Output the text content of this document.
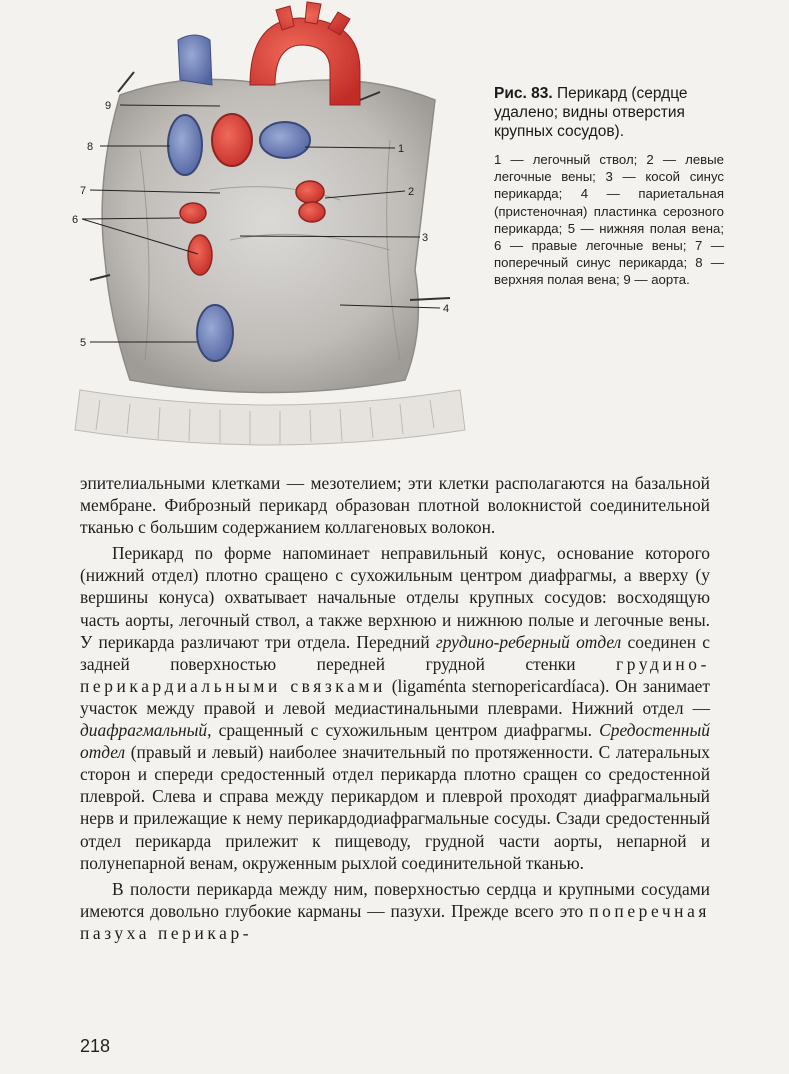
9
8
7
6
5
1
2
3
4

Рис. 83. Перикард (сердце удалено; видны отверстия крупных сосудов).

1 — легочный ствол; 2 — левые легочные вены; 3 — косой синус перикарда; 4 — париетальная (пристеночная) пластинка серозного перикарда; 5 — нижняя полая вена; 6 — правые легочные вены; 7 — поперечный синус перикарда; 8 — верхняя полая вена; 9 — аорта.

эпителиальными клетками — мезотелием; эти клетки располагаются на базальной мембране. Фиброзный перикард образован плотной волокнистой соединительной тканью с большим содержанием коллагеновых волокон.

Перикард по форме напоминает неправильный конус, основание которого (нижний отдел) плотно сращено с сухожильным центром диафрагмы, а вверху (у вершины конуса) охватывает начальные отделы крупных сосудов: восходящую часть аорты, легочный ствол, а также верхнюю и нижнюю полые и легочные вены. У перикарда различают три отдела. Передний грудино-реберный отдел соединен с задней поверхностью передней грудной стенки грудино-перикардиальными связками (ligaménta sternopericardíaca). Он занимает участок между правой и левой медиастинальными плеврами. Нижний отдел — диафрагмальный, сращенный с сухожильным центром диафрагмы. Средостенный отдел (правый и левый) наиболее значительный по протяженности. С латеральных сторон и спереди средостенный отдел перикарда плотно сращен со средостенной плеврой. Слева и справа между перикардом и плеврой проходят диафрагмальный нерв и прилежащие к нему перикардодиафрагмальные сосуды. Сзади средостенный отдел перикарда прилежит к пищеводу, грудной части аорты, непарной и полунепарной венам, окруженным рыхлой соединительной тканью.

В полости перикарда между ним, поверхностью сердца и крупными сосудами имеются довольно глубокие карманы — пазухи. Прежде всего это поперечная пазуха перикар-

218
